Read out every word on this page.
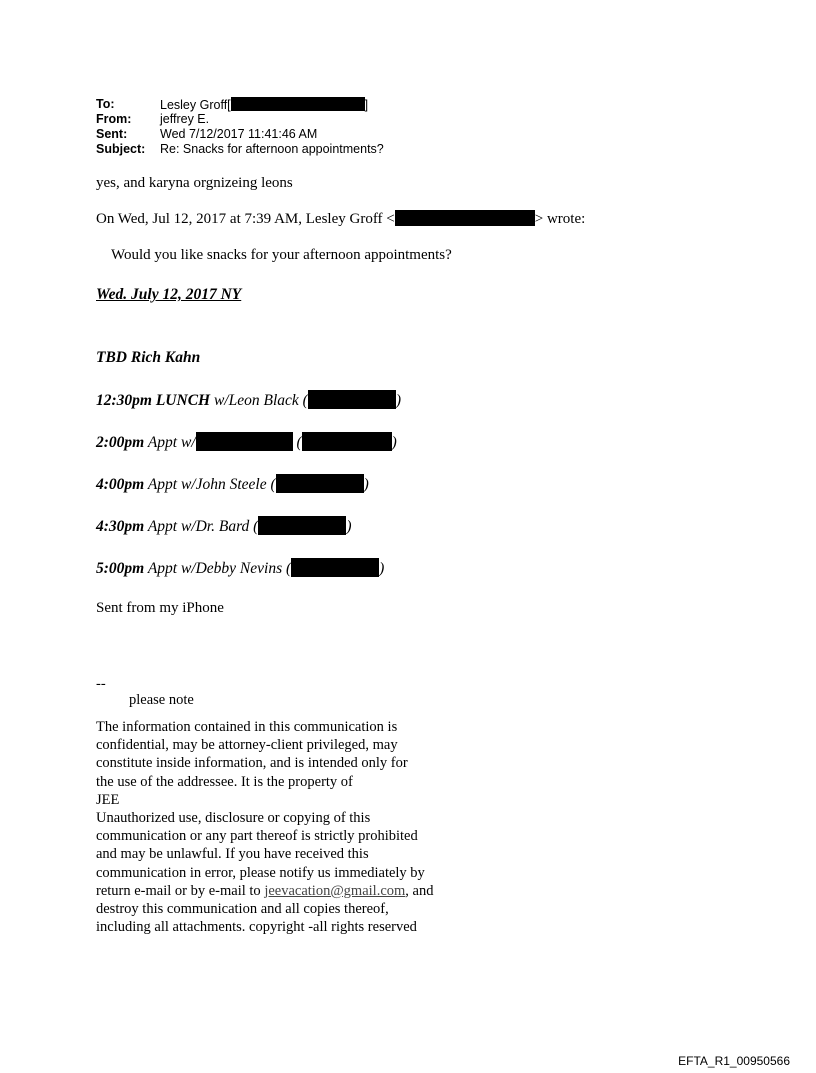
To:	Lesley Groff[	]
From: jeffrey E.
Sent:	Wed 7/12/2017 11:41:46 AM
Subject: Re: Snacks for afternoon appointments?
yes, and karyna orgnizeing leons
On Wed, Jul 12, 2017 at 7:39 AM, Lesley Groff <	> wrote:
Would you like snacks for your afternoon appointments?
Wed. July 12, 2017 NY
TBD Rich Kahn
12:30pm LUNCH w/Leon Black (	)
2:00pm Appt w/	(	)
4:00pm Appt w/John Steele (	)
4:30pm Appt w/Dr. Bard (	)
5:00pm Appt w/Debby Nevins (	)
Sent from my iPhone
--
please note
The information contained in this communication is
confidential, may be attorney-client privileged, may
constitute inside information, and is intended only for
the use of the addressee. It is the property of
JEE
Unauthorized use, disclosure or copying of this
communication or any part thereof is strictly prohibited
and may be unlawful. If you have received this
communication in error, please notify us immediately by
return e-mail or by e-mail to jeevacation@gmail.com, and
destroy this communication and all copies thereof,
including all attachments. copyright -all rights reserved
EFTA_R1_00950566
